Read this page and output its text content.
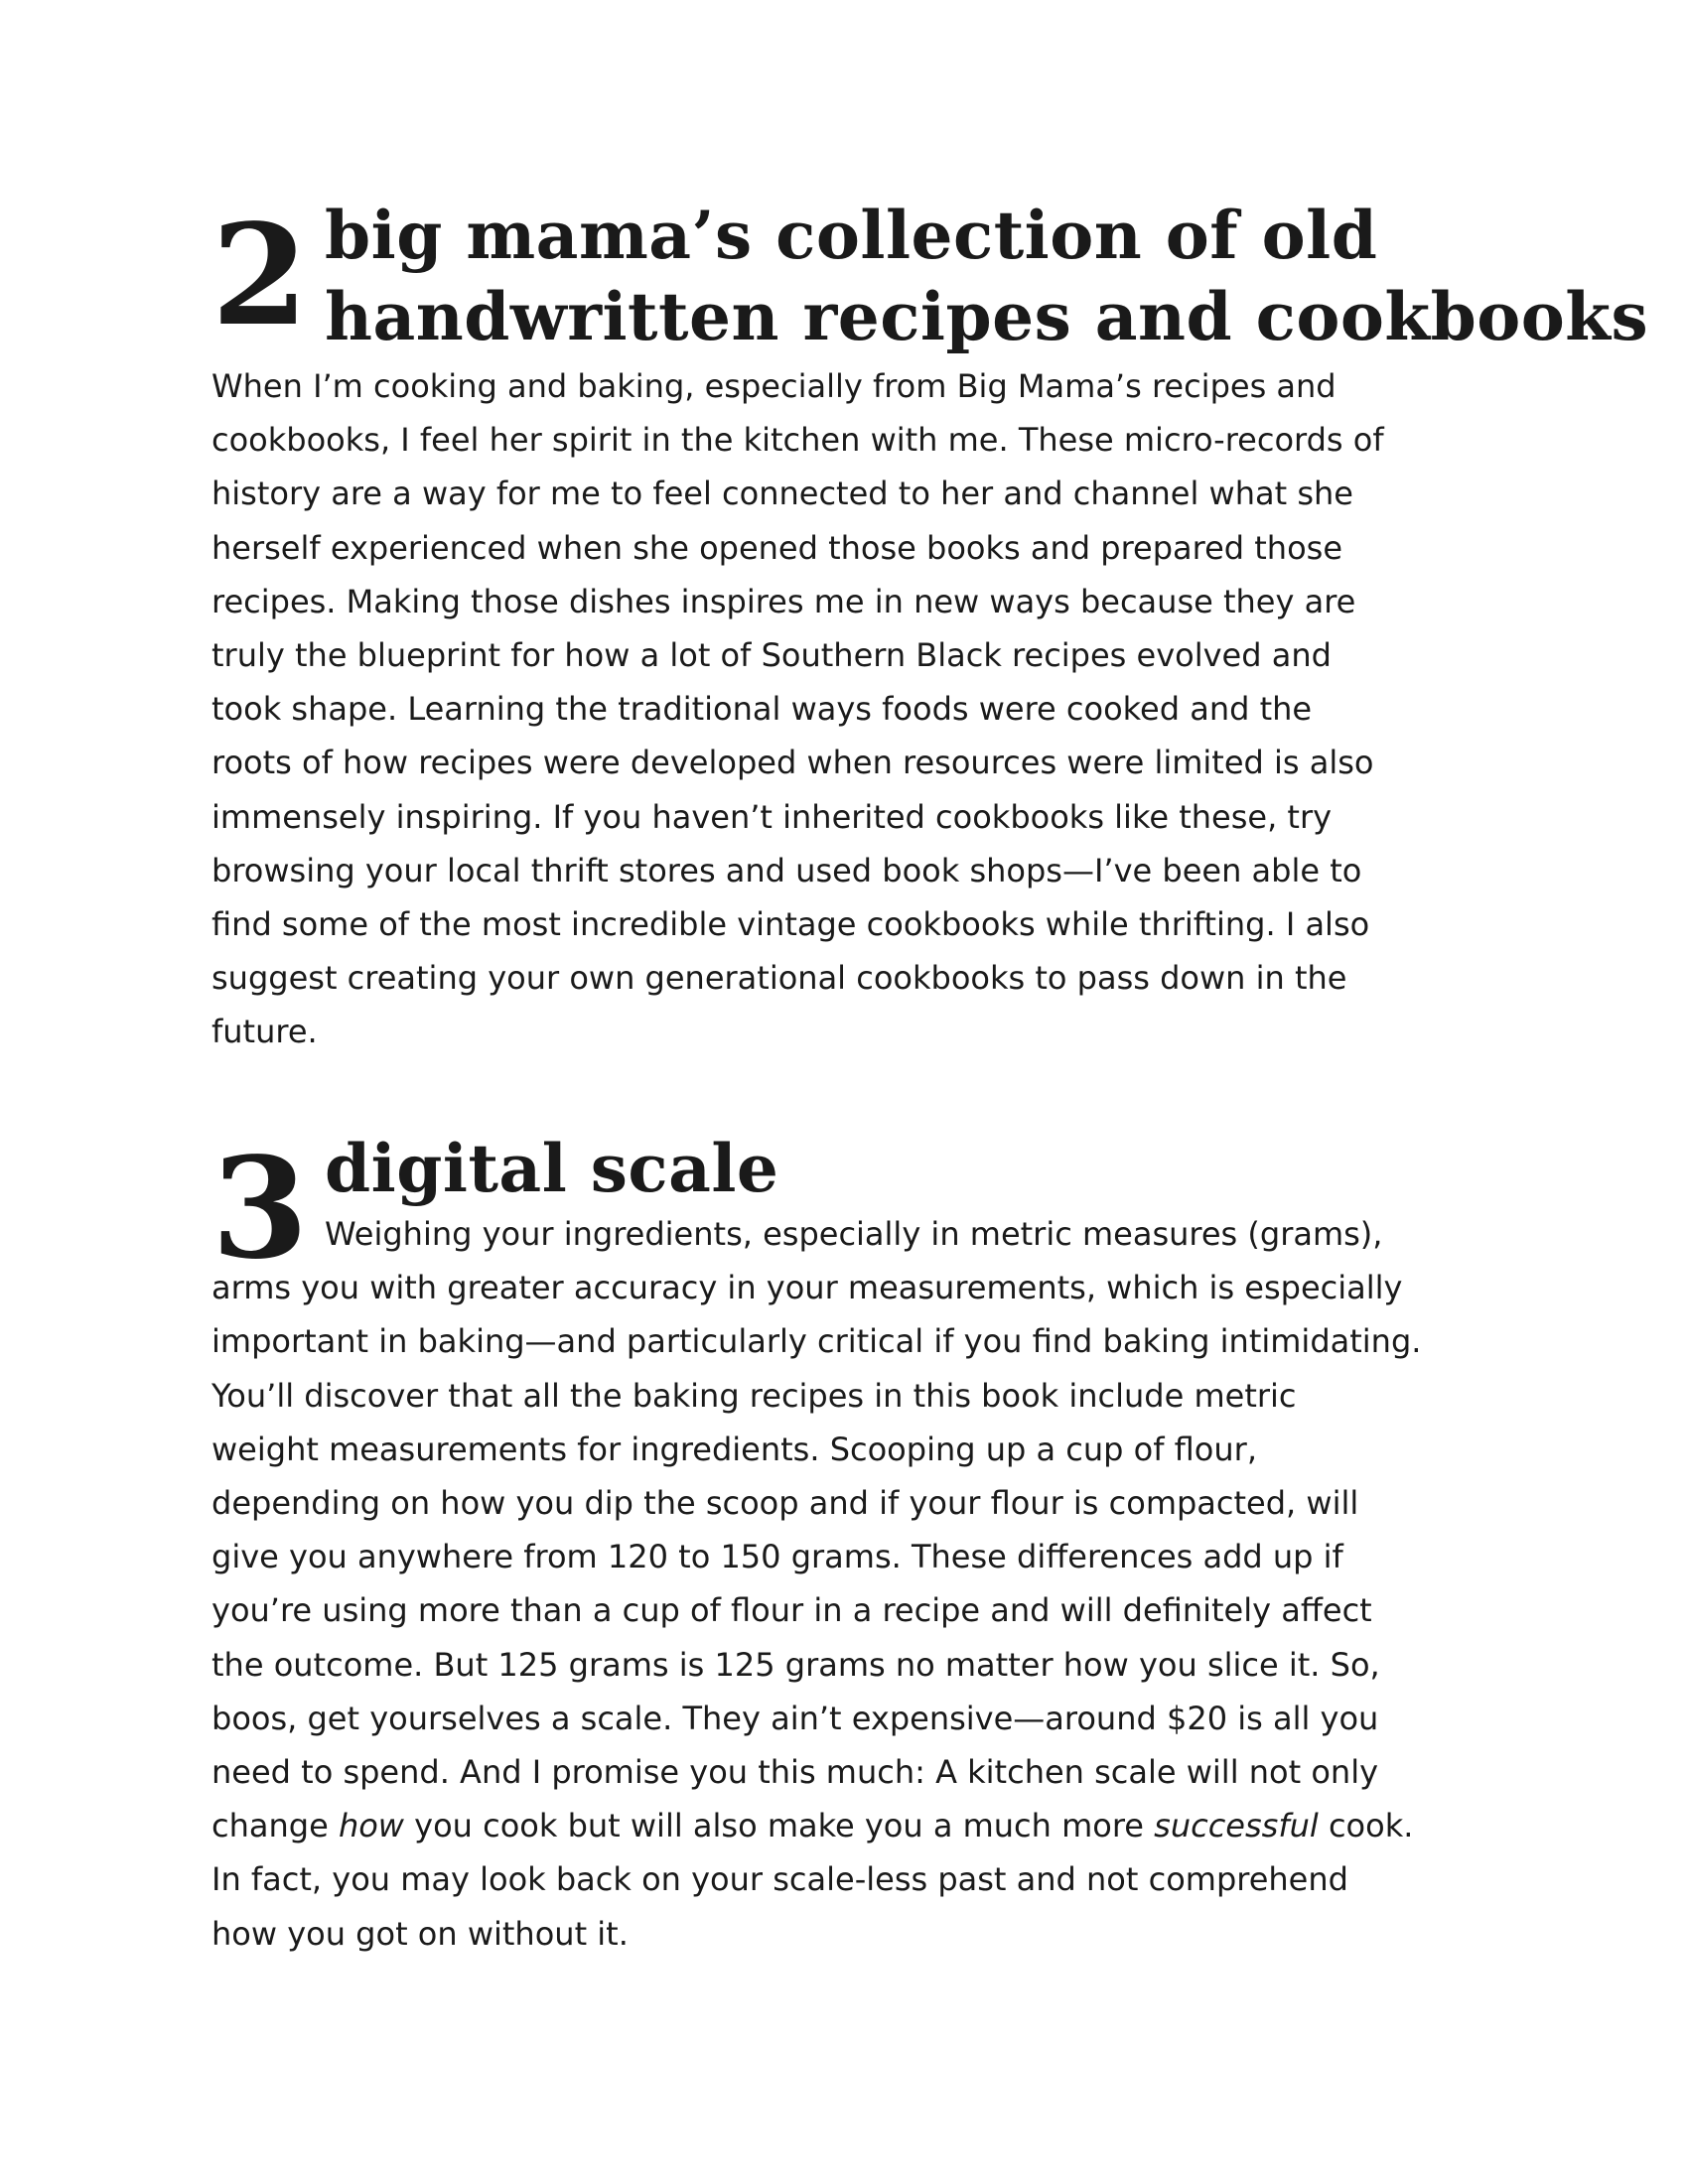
2 big mama’s collection of old
handwritten recipes and cookbooks

When I’m cooking and baking, especially from Big Mama’s recipes and
cookbooks, I feel her spirit in the kitchen with me. These micro-records of
history are a way for me to feel connected to her and channel what she
herself experienced when she opened those books and prepared those
recipes. Making those dishes inspires me in new ways because they are
truly the blueprint for how a lot of Southern Black recipes evolved and
took shape. Learning the traditional ways foods were cooked and the
roots of how recipes were developed when resources were limited is also
immensely inspiring. If you haven’t inherited cookbooks like these, try
browsing your local thrift stores and used book shops—I’ve been able to
find some of the most incredible vintage cookbooks while thrifting. I also
suggest creating your own generational cookbooks to pass down in the
future.

3 digital scale

Weighing your ingredients, especially in metric measures (grams),
arms you with greater accuracy in your measurements, which is especially
important in baking—and particularly critical if you find baking intimidating.
You’ll discover that all the baking recipes in this book include metric
weight measurements for ingredients. Scooping up a cup of flour,
depending on how you dip the scoop and if your flour is compacted, will
give you anywhere from 120 to 150 grams. These differences add up if
you’re using more than a cup of flour in a recipe and will definitely affect
the outcome. But 125 grams is 125 grams no matter how you slice it. So,
boos, get yourselves a scale. They ain’t expensive—around $20 is all you
need to spend. And I promise you this much: A kitchen scale will not only
change how you cook but will also make you a much more successful cook.
In fact, you may look back on your scale-less past and not comprehend
how you got on without it.
